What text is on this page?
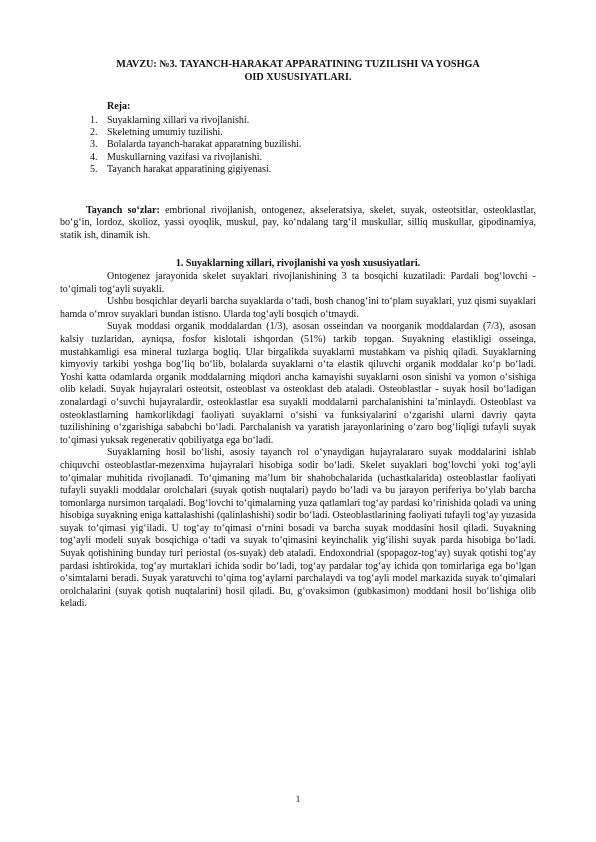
MAVZU: №3. TAYANCH-HARAKAT APPARATINING TUZILISHI VA YOSHGA
OID XUSUSIYATLARI.
Reja:
1. Suyaklarning xillari va rivojlanishi.
2. Skeletning umumiy tuzilishi.
3. Bolalarda tayanch-harakat apparatning buzilishi.
4. Muskullarning vazifasi va rivojlanishi.
5. Tayanch harakat apparatining gigiyenasi.
Tayanch so‘zlar: embrional rivojlanish, ontogenez, akseleratsiya, skelet, suyak, osteotsitlar, osteoklastlar, bo‘g‘in, lordoz, skolioz, yassi oyoqlik, muskul, pay, ko‘ndalang targ‘il muskullar, silliq muskullar, gipodinamiya, statik ish, dinamik ish.
1. Suyaklarning xillari, rivojlanishi va yosh xususiyatlari.

Ontogenez jarayonida skelet suyaklari rivojlanishining 3 ta bosqichi kuzatiladi: Pardali bog‘lovchi - to‘qimali tog‘ayli suyakli.

Ushbu bosqichlar deyarli barcha suyaklarda o‘tadi, bosh chanog‘ini to‘plam suyaklari, yuz qismi suyaklari hamda o‘mrov suyaklari bundan istisno. Ularda tog‘ayli bosqich o‘tmaydi.

Suyak moddasi organik moddalardan (1/3), asosan osseindan va noorganik moddalardan (7/3), asosan kalsiy tuzlaridan, ayniqsa, fosfor kislotali ishqordan (51%) tarkib topgan. Suyakning elastikligi osseinga, mustahkamligi esa mineral tuzlarga bogliq. Ular birgalikda suyaklarni mustahkam va pishiq qiladi. Suyaklarning kimyoviy tarkibi yoshga bog‘liq bo‘lib, bolalarda suyaklarni o‘ta elastik qiluvchi organik moddalar ko‘p bo‘ladi. Yoshi katta odamlarda organik moddalarning miqdori ancha kamayishi suyaklarni oson sinishi va yomon o‘sishiga olib keladi. Suyak hujayralari osteotsit, osteoblast va osteoklast deb ataladi. Osteoblastlar - suyak hosil bo‘ladigan zonalardagi o‘suvchi hujayralardir, osteoklastlar esa suyakli moddalarni parchalanishini ta’minlaydi. Osteoblast va osteoklastlarning hamkorlikdagi faoliyati suyaklarni o‘sishi va funksiyalarini o‘zgarishi ularni davriy qayta tuzilishining o‘zgarishiga sababchi bo‘ladi. Parchalanish va yaratish jarayonlarining o‘zaro bog‘liqligi tufayli suyak to‘qimasi yuksak regenerativ qobiliyatga ega bo‘ladi.

Suyaklarning hosil bo‘lishi, asosiy tayanch rol o‘ynaydigan hujayralararo suyak moddalarini ishlab chiquvchi osteoblastlar-mezenxima hujayralari hisobiga sodir bo‘ladi. Skelet suyaklari bog‘lovchi yoki tog‘ayli to‘qimalar muhitida rivojlanadi. To‘qimaning ma’lum bir shahobchalarida (uchastkalarida) osteoblastlar faoliyati tufayli suyakli moddalar orolchalari (suyak qotish nuqtalari) paydo bo‘ladi va bu jarayon periferiya bo‘ylab barcha tomonlarga nursimon tarqaladi. Bog‘lovchi to‘qimalarning yuza qatlamlari tog‘ay pardasi ko‘rinishida qoladi va uning hisobiga suyakning eniga kattalashishi (qalinlashishi) sodir bo‘ladi. Osteoblastlarining faoliyati tufayli tog‘ay yuzasida suyak to‘qimasi yig‘iladi. U tog‘ay to‘qimasi o‘rnini bosadi va barcha suyak moddasini hosil qiladi. Suyakning tog‘ayli modeli suyak bosqichiga o‘tadi va suyak to‘qimasini keyinchalik yig‘ilishi suyak parda hisobiga bo‘ladi. Suyak qotishining bunday turi periostal (os-suyak) deb ataladi. Endoxondrial (spopagoz-tog‘ay) suyak qotishi tog‘ay pardasi ishtirokida, tog‘ay murtaklari ichida sodir bo‘ladi, tog‘ay pardalar tog‘ay ichida qon tomirlariga ega bo‘lgan o‘simtalarni beradi. Suyak yaratuvchi to‘qima tog‘aylarni parchalaydi va tog‘ayli model markazida suyak to‘qimalari orolchalarini (suyak qotish nuqtalarini) hosil qiladi. Bu, g‘ovaksimon (gubkasimon) moddani hosil bo‘lishiga olib keladi.

1
